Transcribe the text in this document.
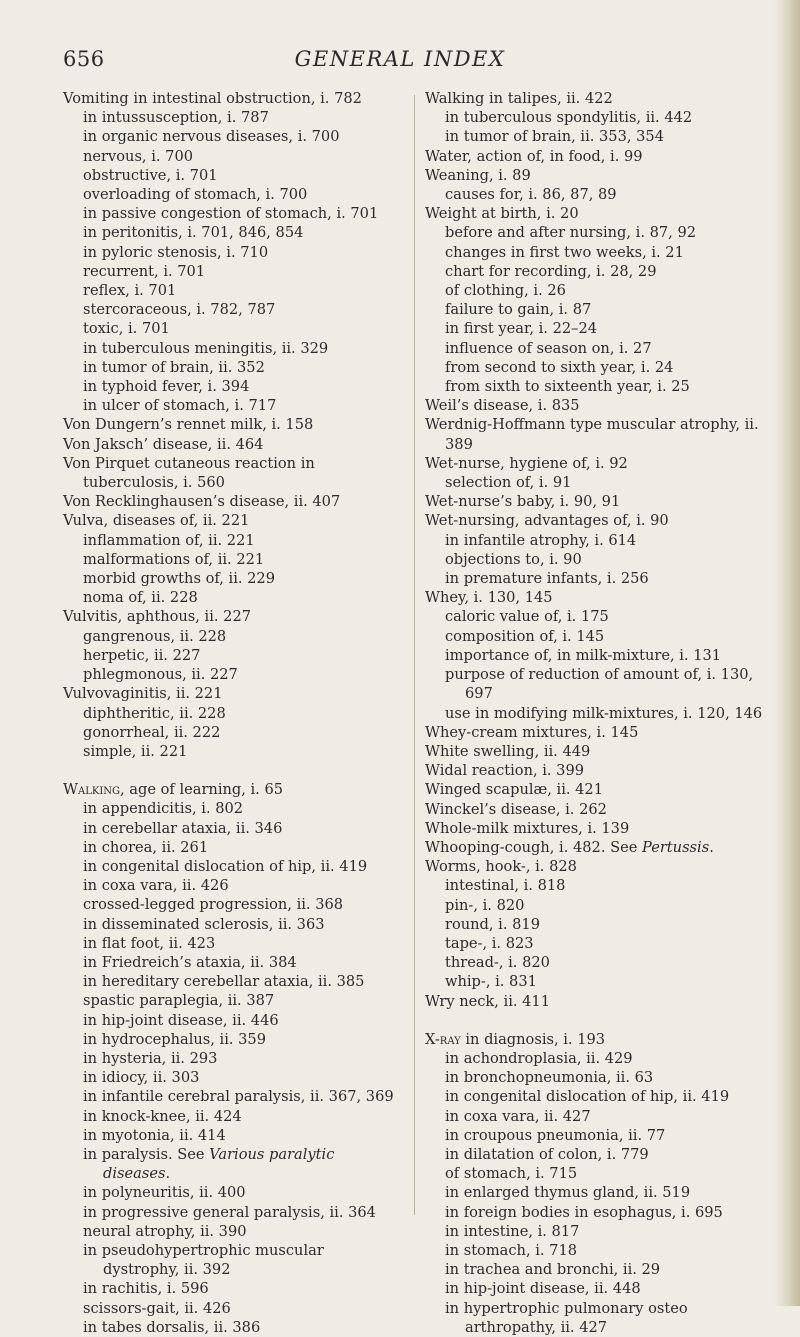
656	GENERAL INDEX

Vomiting in intestinal obstruction, i. 782

in intussusception, i. 787

in organic nervous diseases, i. 700

nervous, i. 700

obstructive, i. 701

overloading of stomach, i. 700

in passive congestion of stomach, i. 701

in peritonitis, i. 701, 846, 854

in pyloric stenosis, i. 710

recurrent, i. 701

reflex, i. 701

stercoraceous, i. 782, 787

toxic, i. 701

in tuberculous meningitis, ii. 329

in tumor of brain, ii. 352

in typhoid fever, i. 394

in ulcer of stomach, i. 717

Von Dungern’s rennet milk, i. 158

Von Jaksch’ disease, ii. 464

Von Pirquet cutaneous reaction in tuberculosis, i. 560

Von Recklinghausen’s disease, ii. 407

Vulva, diseases of, ii. 221

inflammation of, ii. 221

malformations of, ii. 221

morbid growths of, ii. 229

noma of, ii. 228

Vulvitis, aphthous, ii. 227

gangrenous, ii. 228

herpetic, ii. 227

phlegmonous, ii. 227

Vulvovaginitis, ii. 221

diphtheritic, ii. 228

gonorrheal, ii. 222

simple, ii. 221

Walking, age of learning, i. 65

in appendicitis, i. 802

in cerebellar ataxia, ii. 346

in chorea, ii. 261

in congenital dislocation of hip, ii. 419

in coxa vara, ii. 426

crossed-legged progression, ii. 368

in disseminated sclerosis, ii. 363

in flat foot, ii. 423

in Friedreich’s ataxia, ii. 384

in hereditary cerebellar ataxia, ii. 385

spastic paraplegia, ii. 387

in hip-joint disease, ii. 446

in hydrocephalus, ii. 359

in hysteria, ii. 293

in idiocy, ii. 303

in infantile cerebral paralysis, ii. 367, 369

in knock-knee, ii. 424

in myotonia, ii. 414

in paralysis. See Various paralytic diseases.

in polyneuritis, ii. 400

in progressive general paralysis, ii. 364

neural atrophy, ii. 390

in pseudohypertrophic muscular dystrophy, ii. 392

in rachitis, i. 596

scissors-gait, ii. 426

in tabes dorsalis, ii. 386

Walking in talipes, ii. 422

in tuberculous spondylitis, ii. 442

in tumor of brain, ii. 353, 354

Water, action of, in food, i. 99

Weaning, i. 89

causes for, i. 86, 87, 89

Weight at birth, i. 20

before and after nursing, i. 87, 92

changes in first two weeks, i. 21

chart for recording, i. 28, 29

of clothing, i. 26

failure to gain, i. 87

in first year, i. 22–24

influence of season on, i. 27

from second to sixth year, i. 24

from sixth to sixteenth year, i. 25

Weil’s disease, i. 835

Werdnig-Hoffmann type muscular atrophy, ii. 389

Wet-nurse, hygiene of, i. 92

selection of, i. 91

Wet-nurse’s baby, i. 90, 91

Wet-nursing, advantages of, i. 90

in infantile atrophy, i. 614

objections to, i. 90

in premature infants, i. 256

Whey, i. 130, 145

caloric value of, i. 175

composition of, i. 145

importance of, in milk-mixture, i. 131

purpose of reduction of amount of, i. 130, 697

use in modifying milk-mixtures, i. 120, 146

Whey-cream mixtures, i. 145

White swelling, ii. 449

Widal reaction, i. 399

Winged scapulæ, ii. 421

Winckel’s disease, i. 262

Whole-milk mixtures, i. 139

Whooping-cough, i. 482. See Pertussis.

Worms, hook-, i. 828

intestinal, i. 818

pin-, i. 820

round, i. 819

tape-, i. 823

thread-, i. 820

whip-, i. 831

Wry neck, ii. 411

X-ray in diagnosis, i. 193

in achondroplasia, ii. 429

in bronchopneumonia, ii. 63

in congenital dislocation of hip, ii. 419

in coxa vara, ii. 427

in croupous pneumonia, ii. 77

in dilatation of colon, i. 779

of stomach, i. 715

in enlarged thymus gland, ii. 519

in foreign bodies in esophagus, i. 695

in intestine, i. 817

in stomach, i. 718

in trachea and bronchi, ii. 29

in hip-joint disease, ii. 448

in hypertrophic pulmonary osteo arthropathy, ii. 427
